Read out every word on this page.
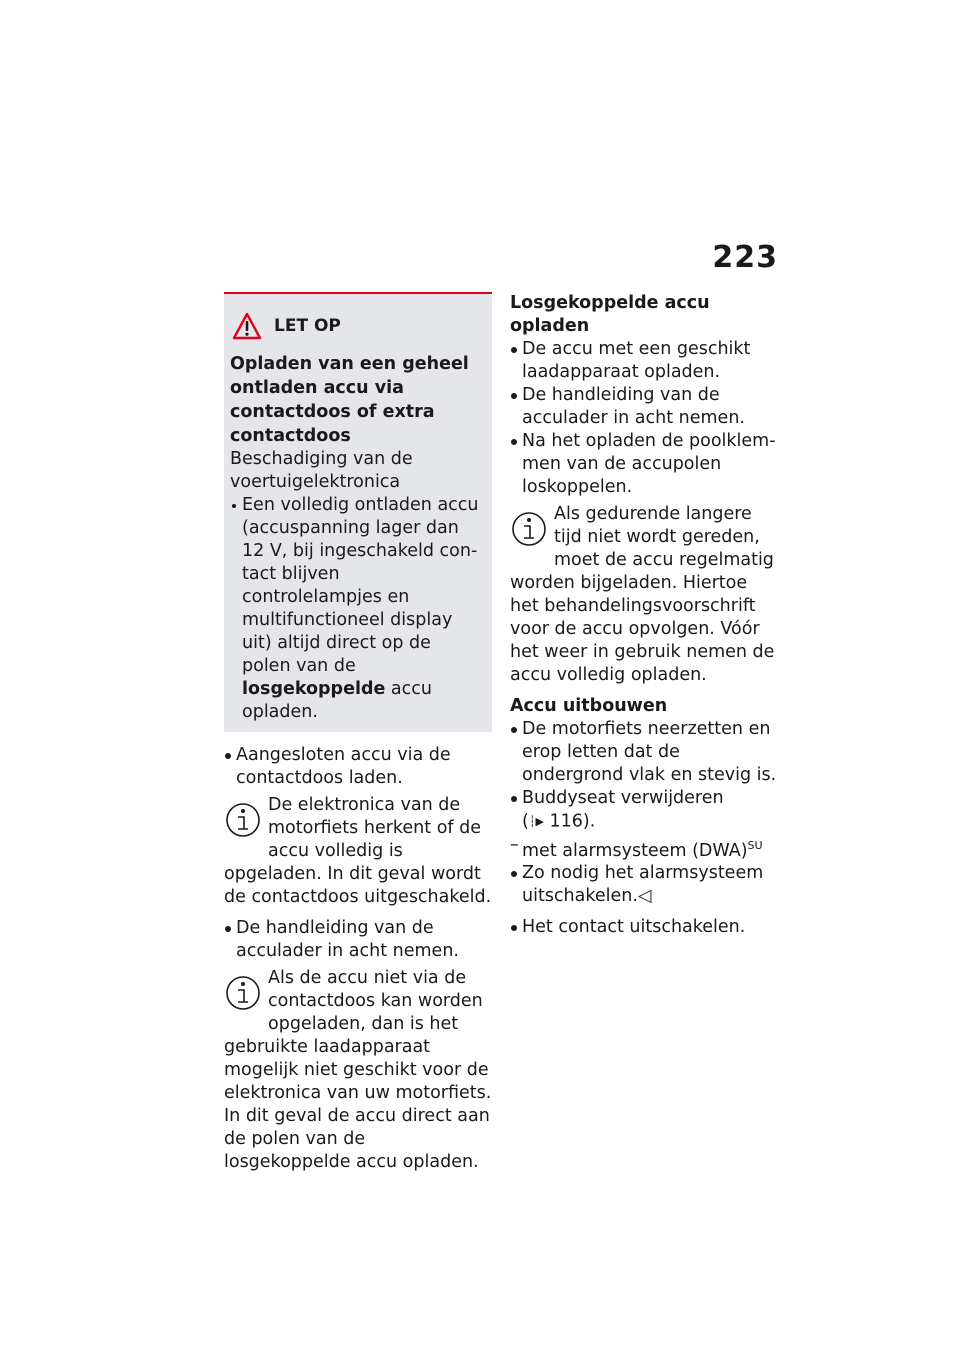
223
LET OP
Opladen van een geheel ontladen accu via contactdoos of extra contactdoos

Beschadiging van de voertuigelektronica

Een volledig ontladen accu (accuspanning lager dan 12 V, bij ingeschakeld contact blijven controlelampjes en multifunctioneel display uit) altijd direct op de polen van de losgekoppelde accu opladen.
Aangesloten accu via de contactdoos laden.
De elektronica van de motorfiets herkent of de accu volledig is opgeladen. In dit geval wordt de contactdoos uitgeschakeld.
De handleiding van de acculader in acht nemen.
Als de accu niet via de contactdoos kan worden opgeladen, dan is het gebruikte laadapparaat mogelijk niet geschikt voor de elektronica van uw motorfiets. In dit geval de accu direct aan de polen van de losgekoppelde accu opladen.
Losgekoppelde accu opladen
De accu met een geschikt laadapparaat opladen.
De handleiding van de acculader in acht nemen.
Na het opladen de poolklemmen van de accupolen loskoppelen.
Als gedurende langere tijd niet wordt gereden, moet de accu regelmatig worden bijgeladen. Hiertoe het behandelingsvoorschrift voor de accu opvolgen. Vóór het weer in gebruik nemen de accu volledig opladen.
Accu uitbouwen
De motorfiets neerzetten en erop letten dat de ondergrond vlak en stevig is.
Buddyseat verwijderen
(┆▶ 116).
– met alarmsysteem (DWA)$^{SU}$
Zo nodig het alarmsysteem uitschakelen.◁
Het contact uitschakelen.
